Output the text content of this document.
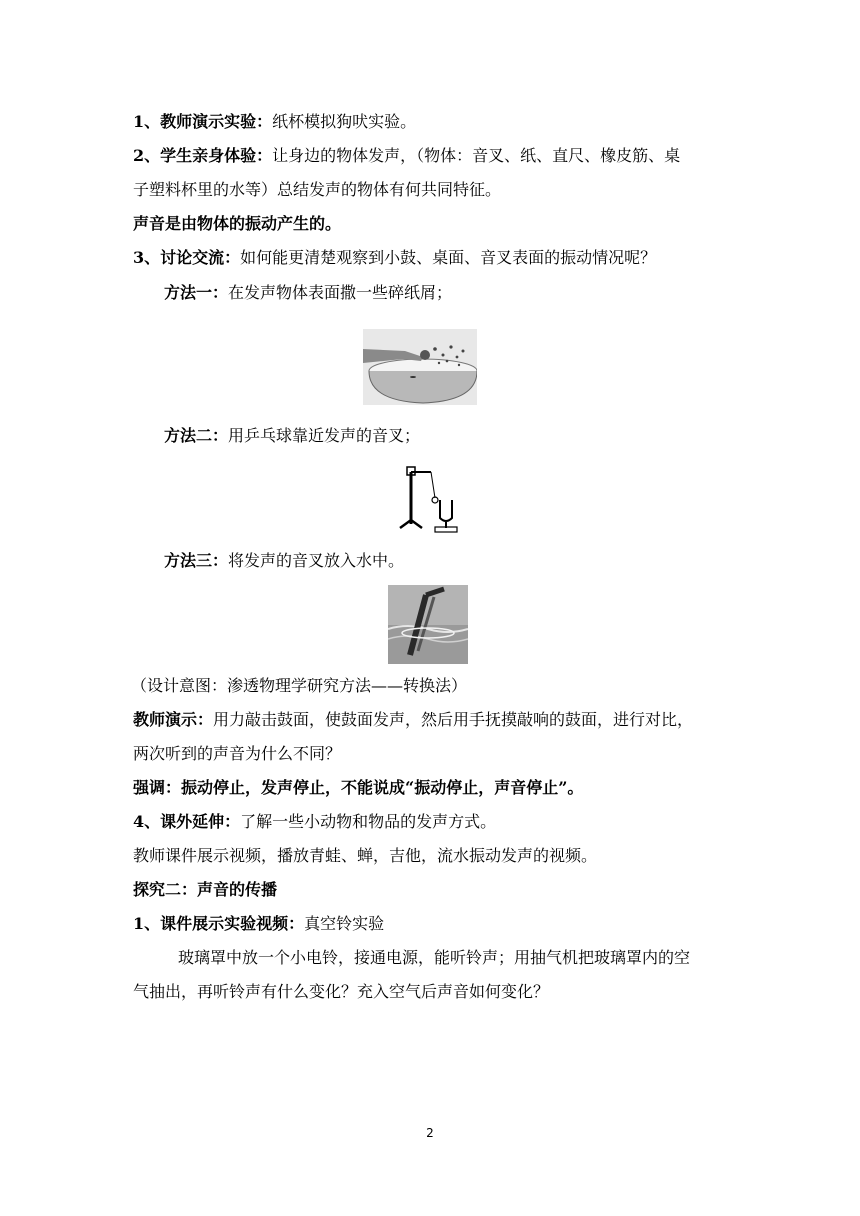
1、教师演示实验：纸杯模拟狗吠实验。
2、学生亲身体验：让身边的物体发声，（物体：音叉、纸、直尺、橡皮筋、桌
子塑料杯里的水等）总结发声的物体有何共同特征。
声音是由物体的振动产生的。
3、讨论交流：如何能更清楚观察到小鼓、桌面、音叉表面的振动情况呢？
方法一：在发声物体表面撒一些碎纸屑；
方法二：用乒乓球靠近发声的音叉；
方法三：将发声的音叉放入水中。
（设计意图：渗透物理学研究方法——转换法）
教师演示：用力敲击鼓面，使鼓面发声，然后用手抚摸敲响的鼓面，进行对比，
两次听到的声音为什么不同？
强调：振动停止，发声停止，不能说成“振动停止，声音停止”。
4、课外延伸：了解一些小动物和物品的发声方式。
教师课件展示视频，播放青蛙、蝉，吉他，流水振动发声的视频。
探究二：声音的传播
1、课件展示实验视频：真空铃实验
玻璃罩中放一个小电铃，接通电源，能听铃声；用抽气机把玻璃罩内的空
气抽出，再听铃声有什么变化？充入空气后声音如何变化？
2
